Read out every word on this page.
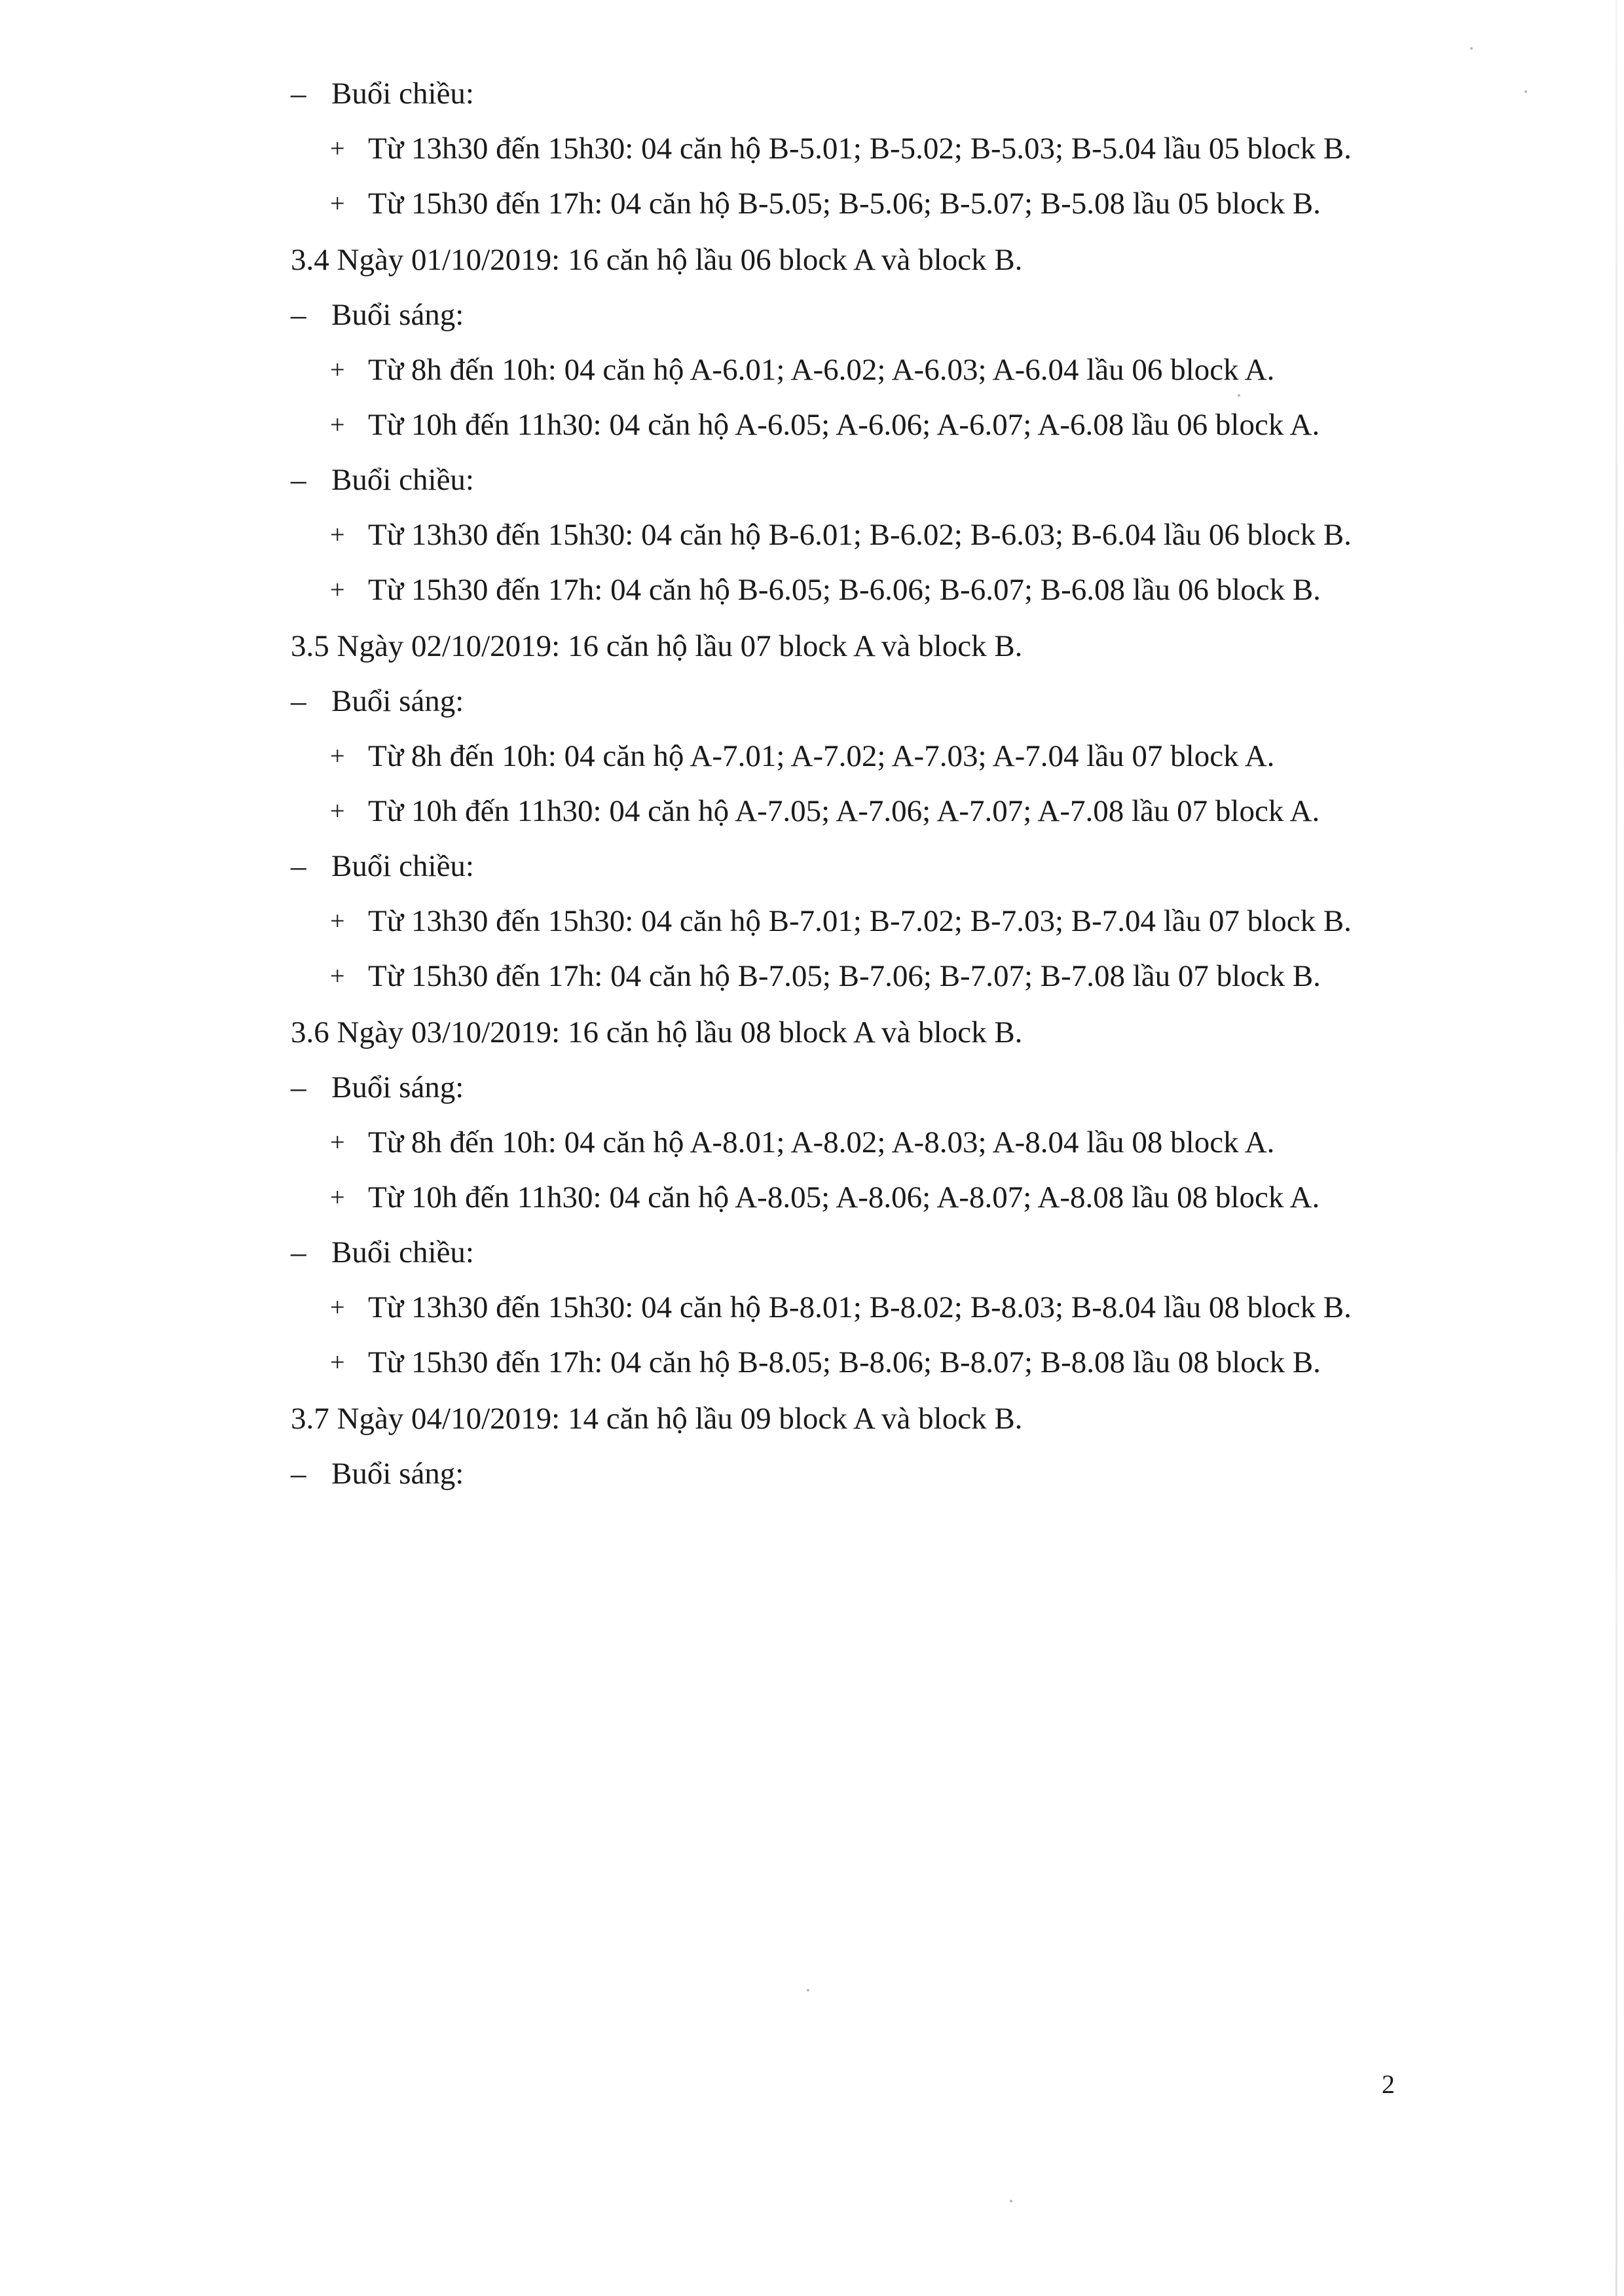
– Buổi chiều:
+ Từ 13h30 đến 15h30: 04 căn hộ B-5.01; B-5.02; B-5.03; B-5.04 lầu 05 block B.
+ Từ 15h30 đến 17h: 04 căn hộ B-5.05; B-5.06; B-5.07; B-5.08 lầu 05 block B.
3.4 Ngày 01/10/2019: 16 căn hộ lầu 06 block A và block B.
– Buổi sáng:
+ Từ 8h đến 10h: 04 căn hộ A-6.01; A-6.02; A-6.03; A-6.04 lầu 06 block A.
+ Từ 10h đến 11h30: 04 căn hộ A-6.05; A-6.06; A-6.07; A-6.08 lầu 06 block A.
– Buổi chiều:
+ Từ 13h30 đến 15h30: 04 căn hộ B-6.01; B-6.02; B-6.03; B-6.04 lầu 06 block B.
+ Từ 15h30 đến 17h: 04 căn hộ B-6.05; B-6.06; B-6.07; B-6.08 lầu 06 block B.
3.5 Ngày 02/10/2019: 16 căn hộ lầu 07 block A và block B.
– Buổi sáng:
+ Từ 8h đến 10h: 04 căn hộ A-7.01; A-7.02; A-7.03; A-7.04 lầu 07 block A.
+ Từ 10h đến 11h30: 04 căn hộ A-7.05; A-7.06; A-7.07; A-7.08 lầu 07 block A.
– Buổi chiều:
+ Từ 13h30 đến 15h30: 04 căn hộ B-7.01; B-7.02; B-7.03; B-7.04 lầu 07 block B.
+ Từ 15h30 đến 17h: 04 căn hộ B-7.05; B-7.06; B-7.07; B-7.08 lầu 07 block B.
3.6 Ngày 03/10/2019: 16 căn hộ lầu 08 block A và block B.
– Buổi sáng:
+ Từ 8h đến 10h: 04 căn hộ A-8.01; A-8.02; A-8.03; A-8.04 lầu 08 block A.
+ Từ 10h đến 11h30: 04 căn hộ A-8.05; A-8.06; A-8.07; A-8.08 lầu 08 block A.
– Buổi chiều:
+ Từ 13h30 đến 15h30: 04 căn hộ B-8.01; B-8.02; B-8.03; B-8.04 lầu 08 block B.
+ Từ 15h30 đến 17h: 04 căn hộ B-8.05; B-8.06; B-8.07; B-8.08 lầu 08 block B.
3.7 Ngày 04/10/2019: 14 căn hộ lầu 09 block A và block B.
– Buổi sáng:
2
